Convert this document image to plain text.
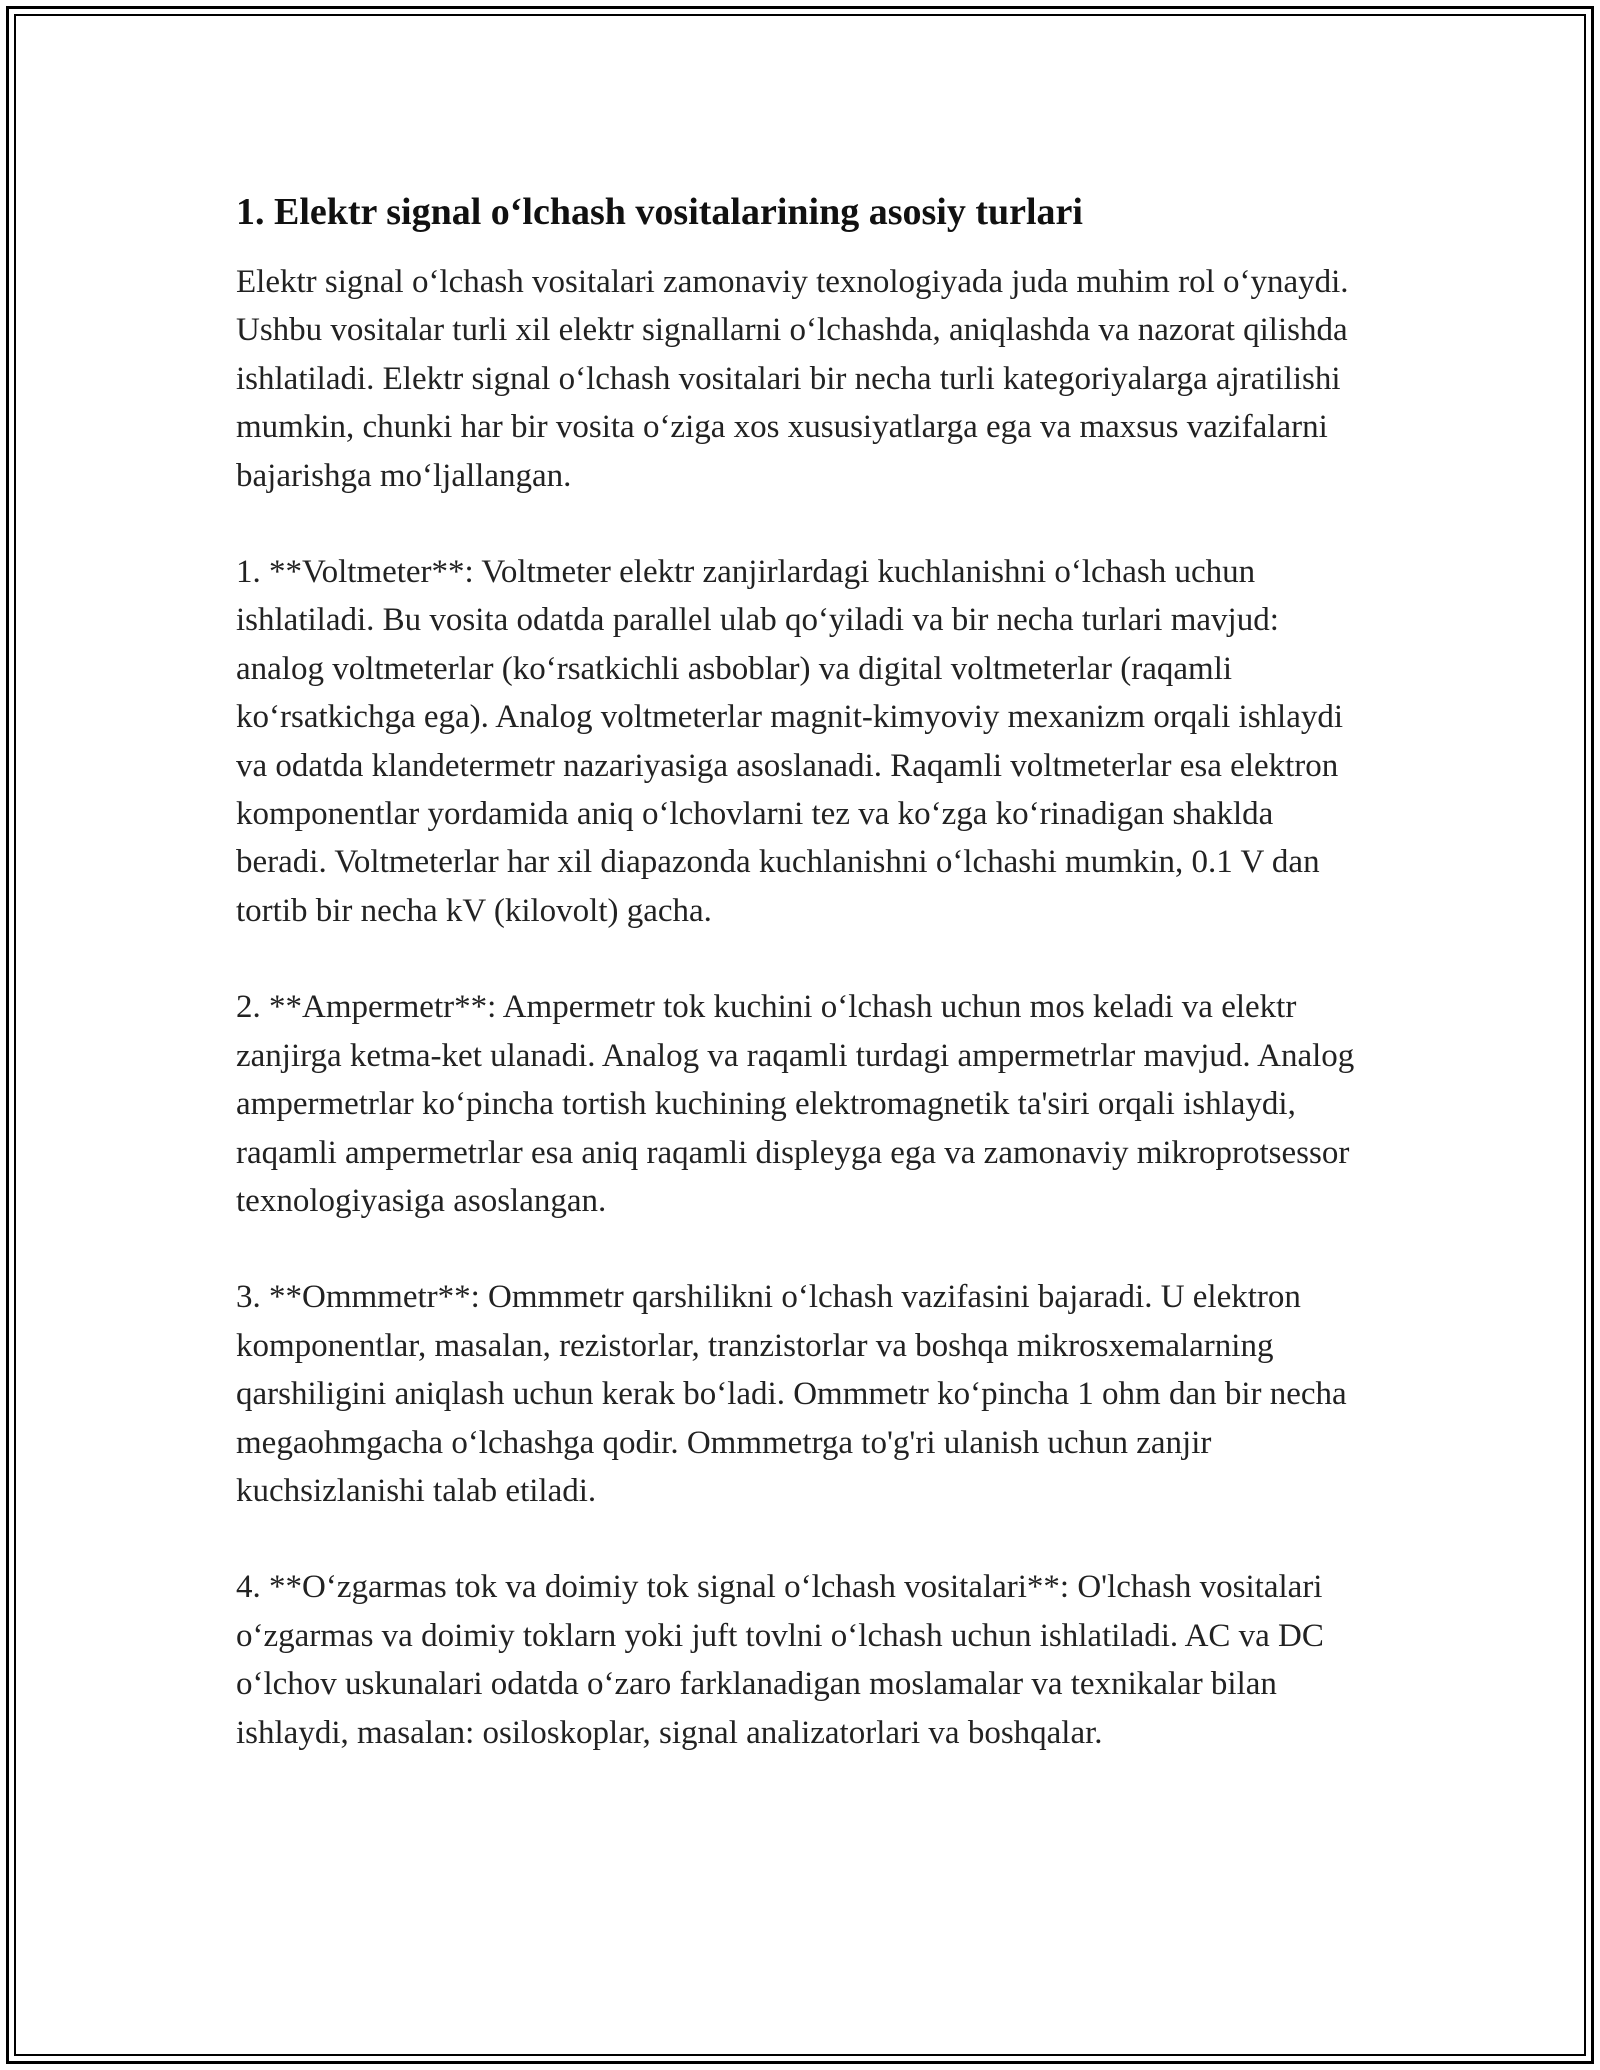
1. Elektr signal o‘lchash vositalarining asosiy turlari

Elektr signal o‘lchash vositalari zamonaviy texnologiyada juda muhim rol o‘ynaydi. Ushbu vositalar turli xil elektr signallarni o‘lchashda, aniqlashda va nazorat qilishda ishlatiladi. Elektr signal o‘lchash vositalari bir necha turli kategoriyalarga ajratilishi mumkin, chunki har bir vosita o‘ziga xos xususiyatlarga ega va maxsus vazifalarni bajarishga mo‘ljallangan.

1. **Voltmeter**: Voltmeter elektr zanjirlardagi kuchlanishni o‘lchash uchun ishlatiladi. Bu vosita odatda parallel ulab qo‘yiladi va bir necha turlari mavjud: analog voltmeterlar (ko‘rsatkichli asboblar) va digital voltmeterlar (raqamli ko‘rsatkichga ega). Analog voltmeterlar magnit-kimyoviy mexanizm orqali ishlaydi va odatda klandetermetr nazariyasiga asoslanadi. Raqamli voltmeterlar esa elektron komponentlar yordamida aniq o‘lchovlarni tez va ko‘zga ko‘rinadigan shaklda beradi. Voltmeterlar har xil diapazonda kuchlanishni o‘lchashi mumkin, 0.1 V dan tortib bir necha kV (kilovolt) gacha.

2. **Ampermetr**: Ampermetr tok kuchini o‘lchash uchun mos keladi va elektr zanjirga ketma-ket ulanadi. Analog va raqamli turdagi ampermetrlar mavjud. Analog ampermetrlar ko‘pincha tortish kuchining elektromagnetik ta'siri orqali ishlaydi, raqamli ampermetrlar esa aniq raqamli displeyga ega va zamonaviy mikroprotsessor texnologiyasiga asoslangan.

3. **Ommmetr**: Ommmetr qarshilikni o‘lchash vazifasini bajaradi. U elektron komponentlar, masalan, rezistorlar, tranzistorlar va boshqa mikrosxemalarning qarshiligini aniqlash uchun kerak bo‘ladi. Ommmetr ko‘pincha 1 ohm dan bir necha megaohmgacha o‘lchashga qodir. Ommmetrga to'g'ri ulanish uchun zanjir kuchsizlanishi talab etiladi.

4. **O‘zgarmas tok va doimiy tok signal o‘lchash vositalari**: O'lchash vositalari o‘zgarmas va doimiy toklarn yoki juft tovlni o‘lchash uchun ishlatiladi. AC va DC o‘lchov uskunalari odatda o‘zaro farklanadigan moslamalar va texnikalar bilan ishlaydi, masalan: osiloskoplar, signal analizatorlari va boshqalar.
